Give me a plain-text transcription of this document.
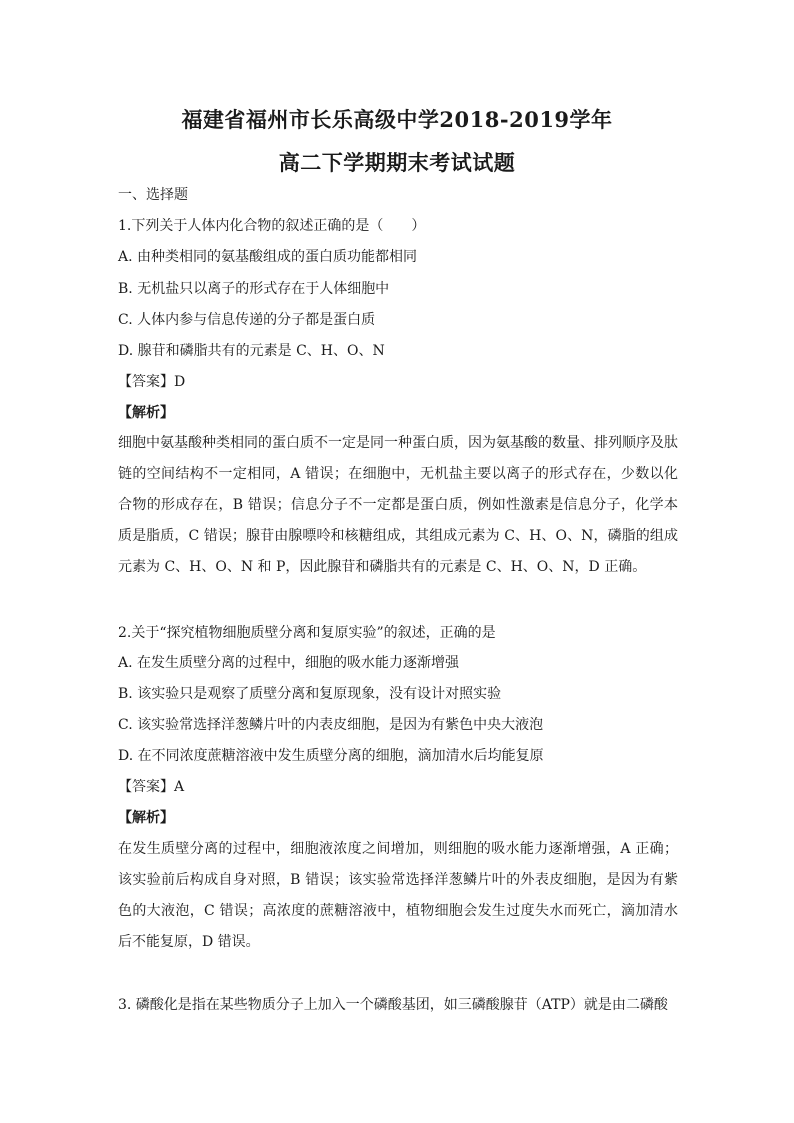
福建省福州市长乐高级中学2018-2019学年
高二下学期期末考试试题
一、选择题
1.下列关于人体内化合物的叙述正确的是（　　）
A. 由种类相同的氨基酸组成的蛋白质功能都相同
B. 无机盐只以离子的形式存在于人体细胞中
C. 人体内参与信息传递的分子都是蛋白质
D. 腺苷和磷脂共有的元素是 C、H、O、N
【答案】D
【解析】
细胞中氨基酸种类相同的蛋白质不一定是同一种蛋白质，因为氨基酸的数量、排列顺序及肽链的空间结构不一定相同，A 错误；在细胞中，无机盐主要以离子的形式存在，少数以化合物的形成存在，B 错误；信息分子不一定都是蛋白质，例如性激素是信息分子，化学本质是脂质，C 错误；腺苷由腺嘌呤和核糖组成，其组成元素为 C、H、O、N，磷脂的组成元素为 C、H、O、N 和 P，因此腺苷和磷脂共有的元素是 C、H、O、N，D 正确。
2.关于“探究植物细胞质壁分离和复原实验”的叙述，正确的是
A. 在发生质壁分离的过程中，细胞的吸水能力逐渐增强
B. 该实验只是观察了质壁分离和复原现象，没有设计对照实验
C. 该实验常选择洋葱鳞片叶的内表皮细胞，是因为有紫色中央大液泡
D. 在不同浓度蔗糖溶液中发生质壁分离的细胞，滴加清水后均能复原
【答案】A
【解析】
在发生质壁分离的过程中，细胞液浓度之间增加，则细胞的吸水能力逐渐增强，A 正确；该实验前后构成自身对照，B 错误；该实验常选择洋葱鳞片叶的外表皮细胞，是因为有紫色的大液泡，C 错误；高浓度的蔗糖溶液中，植物细胞会发生过度失水而死亡，滴加清水后不能复原，D 错误。
3. 磷酸化是指在某些物质分子上加入一个磷酸基团，如三磷酸腺苷（ATP）就是由二磷酸
